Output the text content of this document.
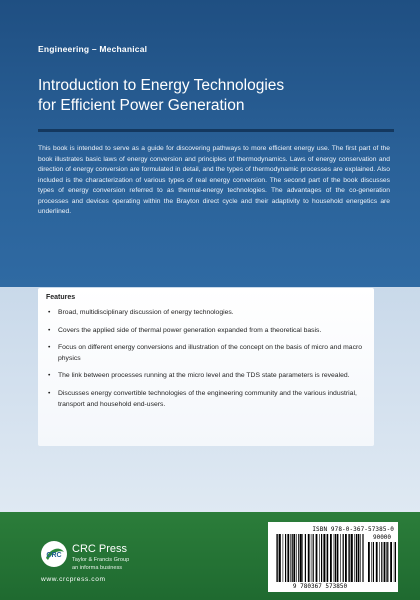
Engineering – Mechanical
Introduction to Energy Technologies
for Efficient Power Generation
This book is intended to serve as a guide for discovering pathways to more efficient energy use. The first part of the book illustrates basic laws of energy conversion and principles of thermodynamics. Laws of energy conservation and direction of energy conversion are formulated in detail, and the types of thermodynamic processes are explained. Also included is the characterization of various types of real energy conversion. The second part of the book discusses types of energy conversion referred to as thermal-energy technologies. The advantages of the co-generation processes and devices operating within the Brayton direct cycle and their adaptivity to household energetics are underlined.
Features
• Broad, multidisciplinary discussion of energy technologies.
• Covers the applied side of thermal power generation expanded from a theoretical basis.
• Focus on different energy conversions and illustration of the concept on the basis of micro and macro physics
• The link between processes running at the micro level and the TDS state parameters is revealed.
• Discusses energy convertible technologies of the engineering community and the various industrial, transport and household end-users.
CRC
CRC Press
Taylor & Francis Group
an informa business
www.crcpress.com
ISBN 978-0-367-57385-0
90000
9 780367 573850
